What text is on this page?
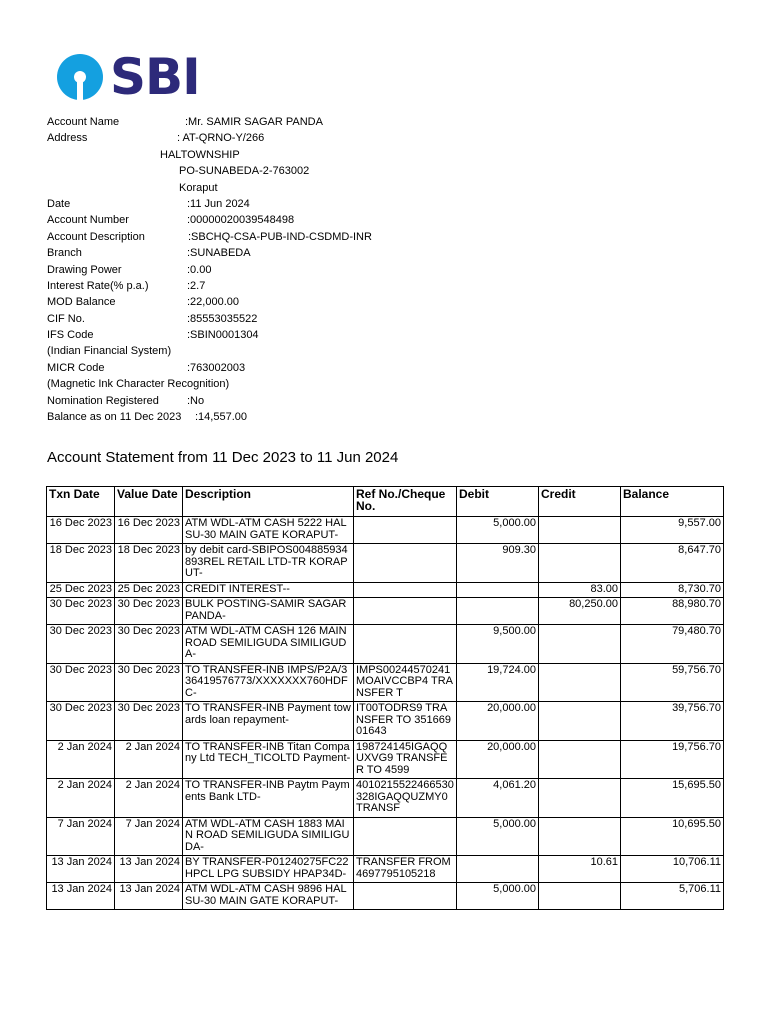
SBI
Account Name	:Mr. SAMIR SAGAR PANDA
Address	: AT-QRNO-Y/266
HALTOWNSHIP
PO-SUNABEDA-2-763002
Koraput
Date	:11 Jun 2024
Account Number	:00000020039548498
Account Description	:SBCHQ-CSA-PUB-IND-CSDMD-INR
Branch	:SUNABEDA
Drawing Power	:0.00
Interest Rate(% p.a.)	:2.7
MOD Balance	:22,000.00
CIF No.	:85553035522
IFS Code	:SBIN0001304
(Indian Financial System)
MICR Code	:763002003
(Magnetic Ink Character Recognition)
Nomination Registered	:No
Balance as on 11 Dec 2023 :14,557.00
Account Statement from 11 Dec 2023 to 11 Jun 2024
Txn Date	Value Date	Description	Ref No./Cheque No.	Debit	Credit	Balance
16 Dec 2023	16 Dec 2023	ATM WDL-ATM CASH 5222 HAL SU-30 MAIN GATE KORAPUT-		5,000.00		9,557.00
18 Dec 2023	18 Dec 2023	by debit card-SBIPOS004885934893REL RETAIL LTD-TR KORAPUT-		909.30		8,647.70
25 Dec 2023	25 Dec 2023	CREDIT INTEREST--			83.00	8,730.70
30 Dec 2023	30 Dec 2023	BULK POSTING-SAMIR SAGAR PANDA-			80,250.00	88,980.70
30 Dec 2023	30 Dec 2023	ATM WDL-ATM CASH 126 MAIN ROAD SEMILIGUDA SIMILIGUDA-		9,500.00		79,480.70
30 Dec 2023	30 Dec 2023	TO TRANSFER-INB IMPS/P2A/336419576773/XXXXXXX760HDFC-	IMPS00244570241MOAIVCCBP4 TRANSFER T	19,724.00		59,756.70
30 Dec 2023	30 Dec 2023	TO TRANSFER-INB Payment towards loan repayment-	IT00TODRS9 TRANSFER TO 35166901643	20,000.00		39,756.70
2 Jan 2024	2 Jan 2024	TO TRANSFER-INB Titan Company Ltd TECH_TICOLTD Payment-	198724145IGAQQUXVG9 TRANSFER TO 4599	20,000.00		19,756.70
2 Jan 2024	2 Jan 2024	TO TRANSFER-INB Paytm Payments Bank LTD-	4010215522466530328IGAQQUZMY0 TRANSF	4,061.20		15,695.50
7 Jan 2024	7 Jan 2024	ATM WDL-ATM CASH 1883 MAIN ROAD SEMILIGUDA SIMILIGUDA-		5,000.00		10,695.50
13 Jan 2024	13 Jan 2024	BY TRANSFER-P01240275FC22 HPCL LPG SUBSIDY HPAP34D-	TRANSFER FROM 4697795105218		10.61	10,706.11
13 Jan 2024	13 Jan 2024	ATM WDL-ATM CASH 9896 HAL SU-30 MAIN GATE KORAPUT-		5,000.00		5,706.11
